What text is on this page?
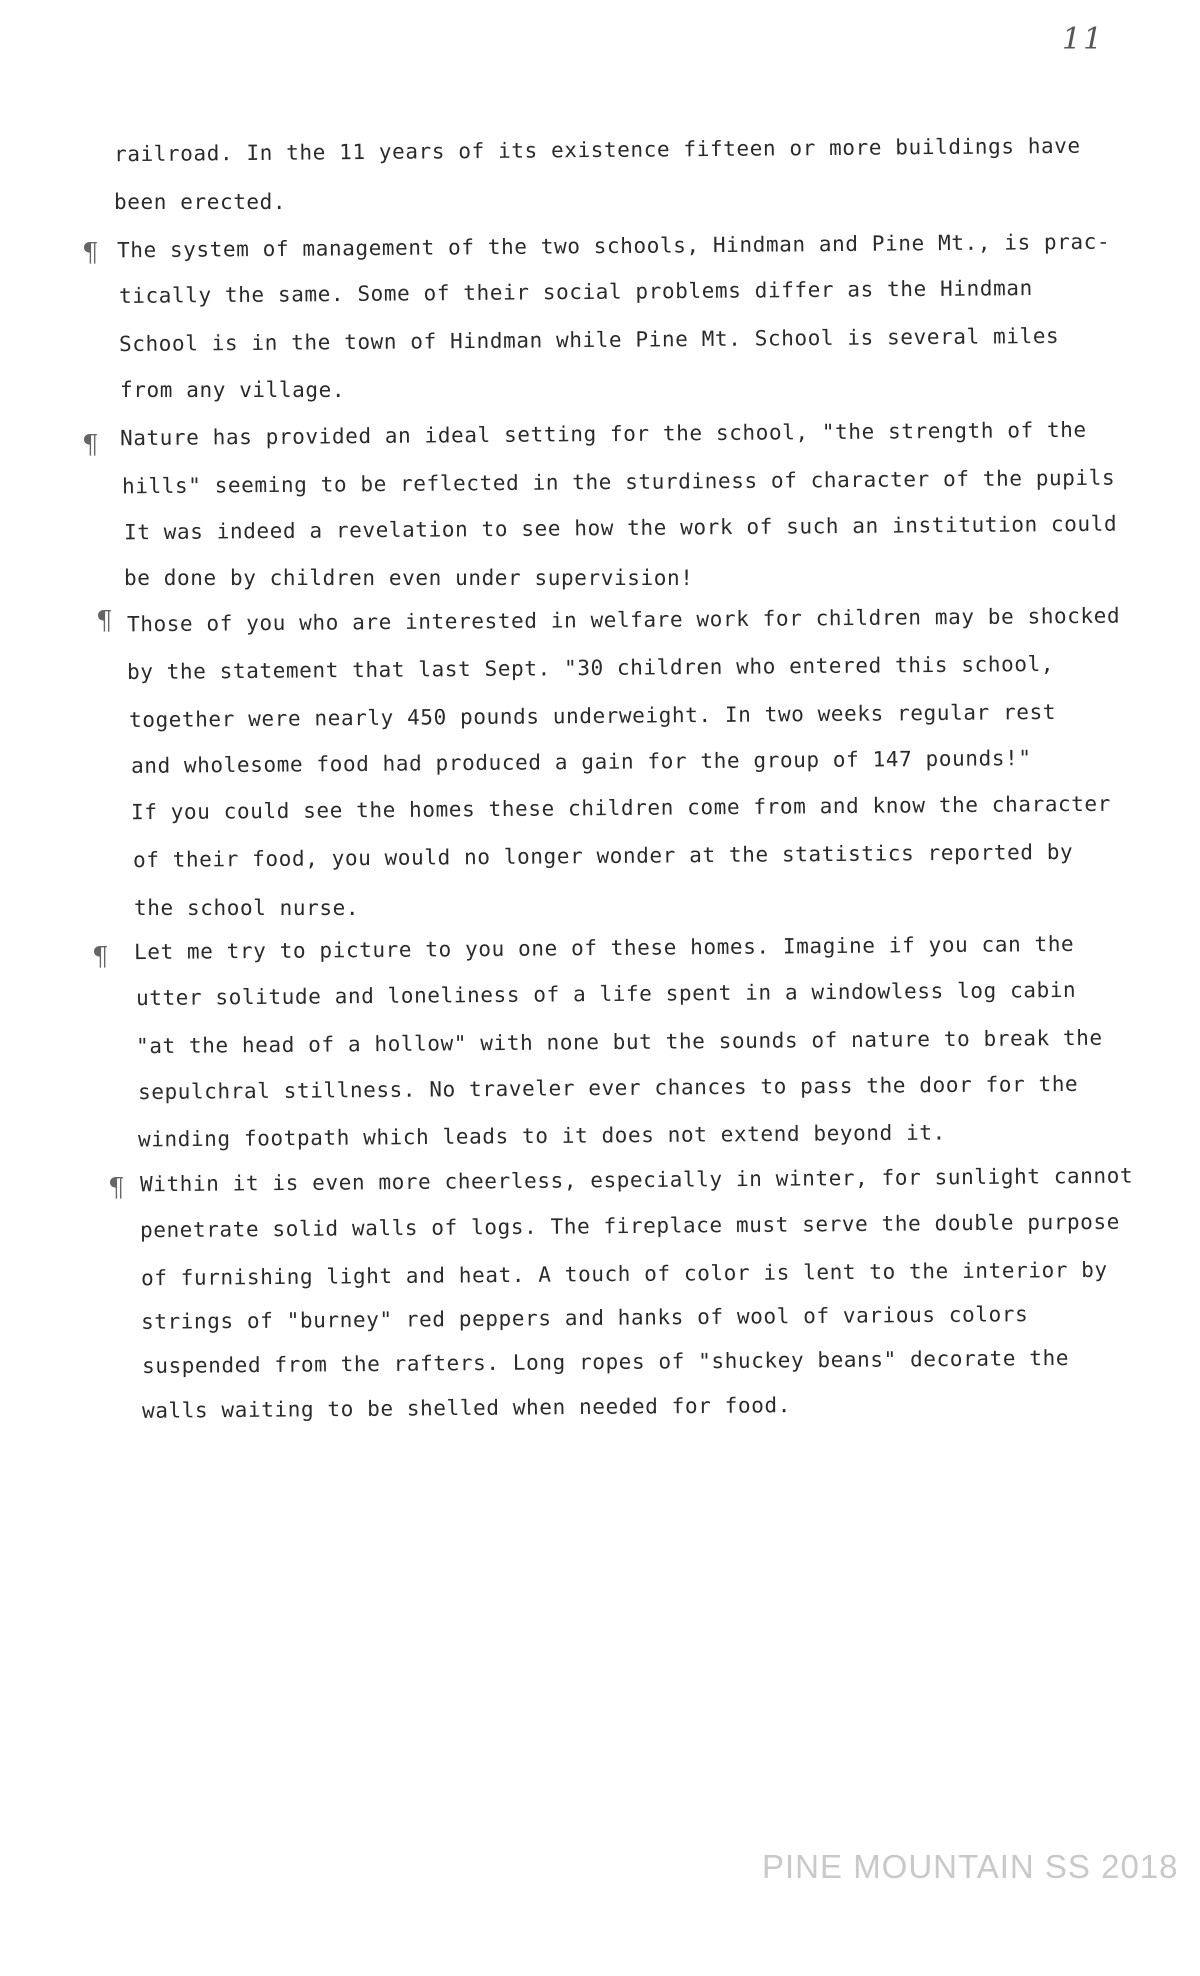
11
¶
¶
¶
¶
¶
railroad. In the 11 years of its existence fifteen or more buildings have
been erected.
The system of management of the two schools, Hindman and Pine Mt., is prac-
tically the same. Some of their social problems differ as the Hindman
School is in the town of Hindman while Pine Mt. School is several miles
from any village.
Nature has provided an ideal setting for the school, "the strength of the
hills" seeming to be reflected in the sturdiness of character of the pupils
It was indeed a revelation to see how the work of such an institution could
be done by children even under supervision!
Those of you who are interested in welfare work for children may be shocked
by the statement that last Sept. "30 children who entered this school,
together were nearly 450 pounds underweight. In two weeks regular rest
and wholesome food had produced a gain for the group of 147 pounds!"
If you could see the homes these children come from and know the character
of their food, you would no longer wonder at the statistics reported by
the school nurse.
Let me try to picture to you one of these homes. Imagine if you can the
utter solitude and loneliness of a life spent in a windowless log cabin
"at the head of a hollow" with none but the sounds of nature to break the
sepulchral stillness. No traveler ever chances to pass the door for the
winding footpath which leads to it does not extend beyond it.
Within it is even more cheerless, especially in winter, for sunlight cannot
penetrate solid walls of logs. The fireplace must serve the double purpose
of furnishing light and heat. A touch of color is lent to the interior by
strings of "burney" red peppers and hanks of wool of various colors
suspended from the rafters. Long ropes of "shuckey beans" decorate the
walls waiting to be shelled when needed for food.
PINE MOUNTAIN SS 2018
